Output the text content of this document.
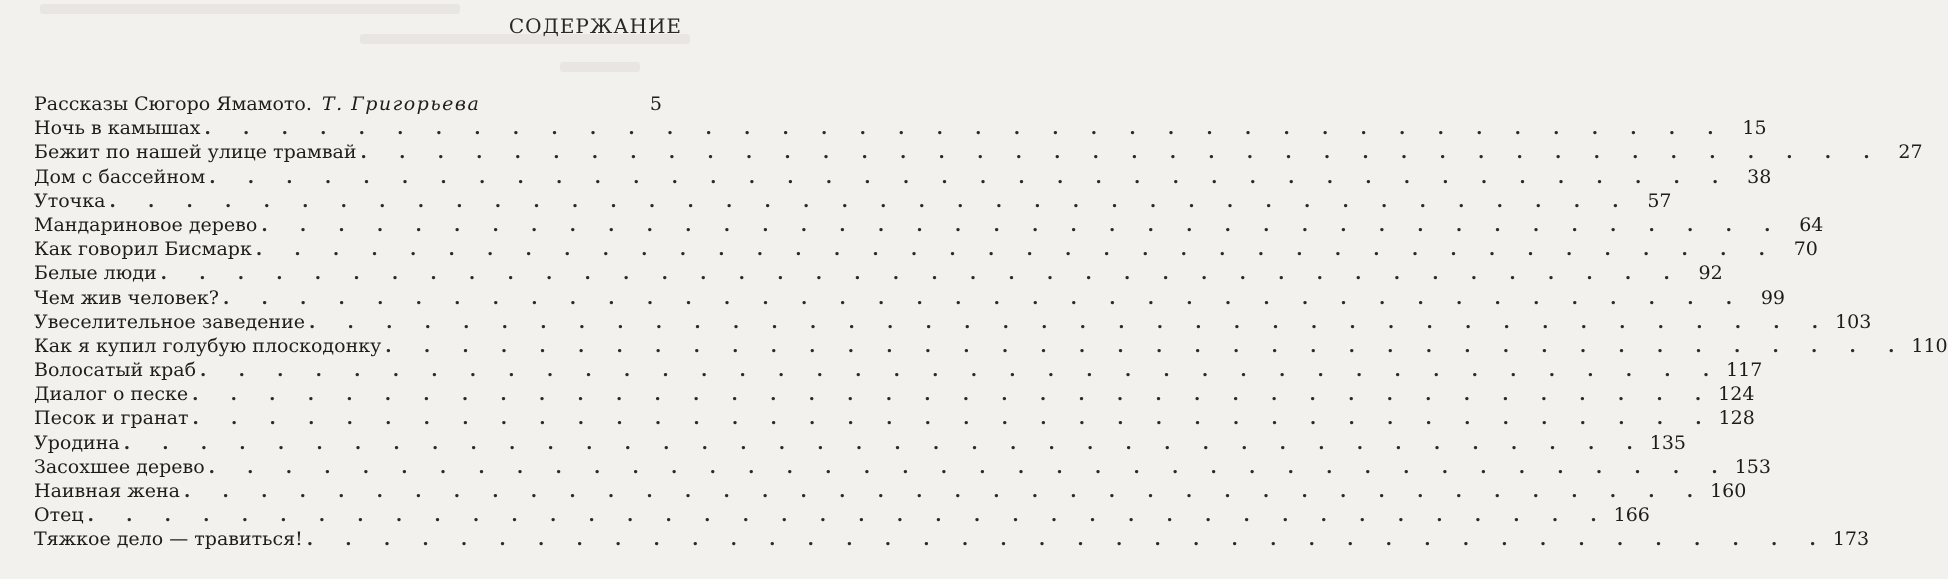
СОДЕРЖАНИЕ
Рассказы Сюгоро Ямамото. Т. Григорьева	5
Ночь в камышах . . . . . . . . . . . . . . . . . . . . . . . . . . . . . . . . . . . . . . . . 15
Бежит по нашей улице трамвай . . . . . . . . . . . . . . . . . . . . . . . . . . . . . . . . . . . . . . . . 27
Дом с бассейном . . . . . . . . . . . . . . . . . . . . . . . . . . . . . . . . . . . . . . . . 38
Уточка . . . . . . . . . . . . . . . . . . . . . . . . . . . . . . . . . . . . . . . . 57
Мандариновое дерево . . . . . . . . . . . . . . . . . . . . . . . . . . . . . . . . . . . . . . . . 64
Как говорил Бисмарк . . . . . . . . . . . . . . . . . . . . . . . . . . . . . . . . . . . . . . . . 70
Белые люди . . . . . . . . . . . . . . . . . . . . . . . . . . . . . . . . . . . . . . . . 92
Чем жив человек? . . . . . . . . . . . . . . . . . . . . . . . . . . . . . . . . . . . . . . . . 99
Увеселительное заведение . . . . . . . . . . . . . . . . . . . . . . . . . . . . . . . . . . . . . . . . 103
Как я купил голубую плоскодонку . . . . . . . . . . . . . . . . . . . . . . . . . . . . . . . . . . . . . . . . 110
Волосатый краб . . . . . . . . . . . . . . . . . . . . . . . . . . . . . . . . . . . . . . . . 117
Диалог о песке . . . . . . . . . . . . . . . . . . . . . . . . . . . . . . . . . . . . . . . . 124
Песок и гранат . . . . . . . . . . . . . . . . . . . . . . . . . . . . . . . . . . . . . . . . 128
Уродина . . . . . . . . . . . . . . . . . . . . . . . . . . . . . . . . . . . . . . . . 135
Засохшее дерево . . . . . . . . . . . . . . . . . . . . . . . . . . . . . . . . . . . . . . . . 153
Наивная жена . . . . . . . . . . . . . . . . . . . . . . . . . . . . . . . . . . . . . . . . 160
Отец . . . . . . . . . . . . . . . . . . . . . . . . . . . . . . . . . . . . . . . . 166
Тяжкое дело — травиться! . . . . . . . . . . . . . . . . . . . . . . . . . . . . . . . . . . . . . . . . 173
